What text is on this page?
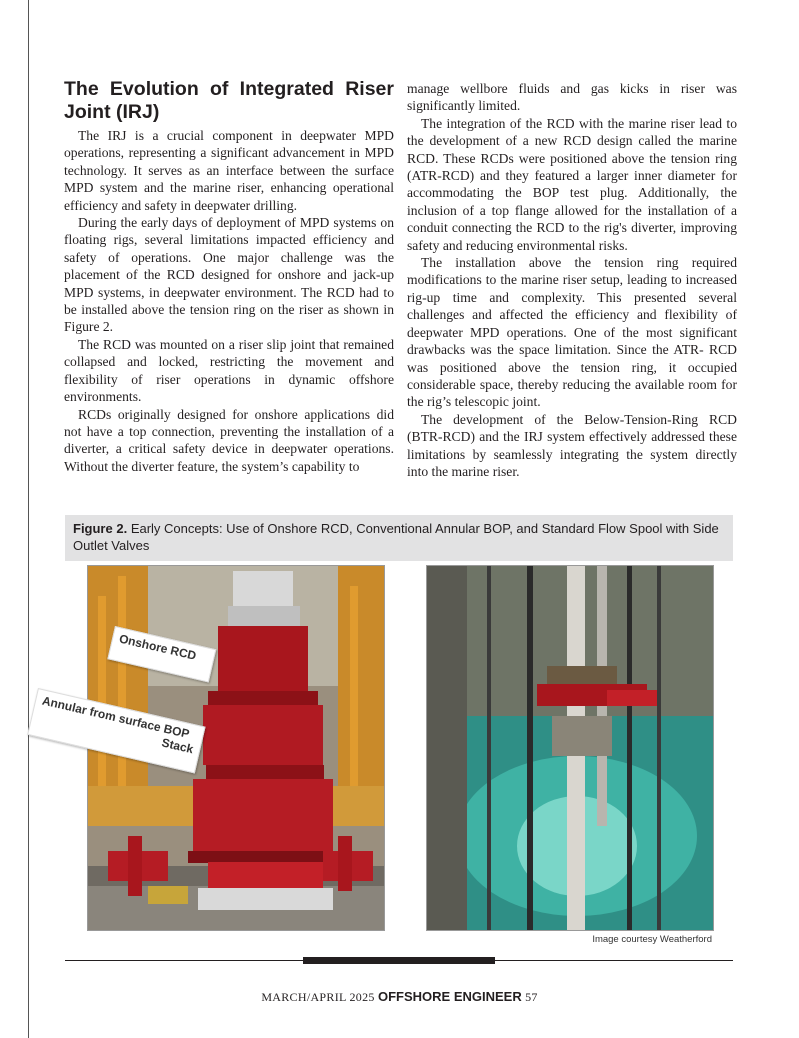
The Evolution of Integrated Riser Joint (IRJ)

The IRJ is a crucial component in deepwater MPD operations, representing a significant advancement in MPD technology. It serves as an interface between the surface MPD system and the marine riser, enhancing operational efficiency and safety in deepwater drilling.

During the early days of deployment of MPD systems on floating rigs, several limitations impacted efficiency and safety of operations. One major challenge was the placement of the RCD designed for onshore and jack-up MPD systems, in deepwater environment. The RCD had to be installed above the tension ring on the riser as shown in Figure 2.

The RCD was mounted on a riser slip joint that remained collapsed and locked, restricting the movement and flexibility of riser operations in dynamic offshore environments.

RCDs originally designed for onshore applications did not have a top connection, preventing the installation of a diverter, a critical safety device in deepwater operations. Without the diverter feature, the system’s capability to

manage wellbore fluids and gas kicks in riser was significantly limited.

The integration of the RCD with the marine riser lead to the development of a new RCD design called the marine RCD. These RCDs were positioned above the tension ring (ATR-RCD) and they featured a larger inner diameter for accommodating the BOP test plug. Additionally, the inclusion of a top flange allowed for the installation of a conduit connecting the RCD to the rig's diverter, improving safety and reducing environmental risks.

The installation above the tension ring required modifications to the marine riser setup, leading to increased rig-up time and complexity. This presented several challenges and affected the efficiency and flexibility of deepwater MPD operations. One of the most significant drawbacks was the space limitation. Since the ATR- RCD was positioned above the tension ring, it occupied considerable space, thereby reducing the available room for the rig’s telescopic joint.

The development of the Below-Tension-Ring RCD (BTR-RCD) and the IRJ system effectively addressed these limitations by seamlessly integrating the system directly into the marine riser.

Figure 2. Early Concepts: Use of Onshore RCD, Conventional Annular BOP, and Standard Flow Spool with Side Outlet Valves
Onshore RCD
Annular from surface BOP
Stack
Image courtesy Weatherford
MARCH/APRIL 2025 OFFSHORE ENGINEER 57
